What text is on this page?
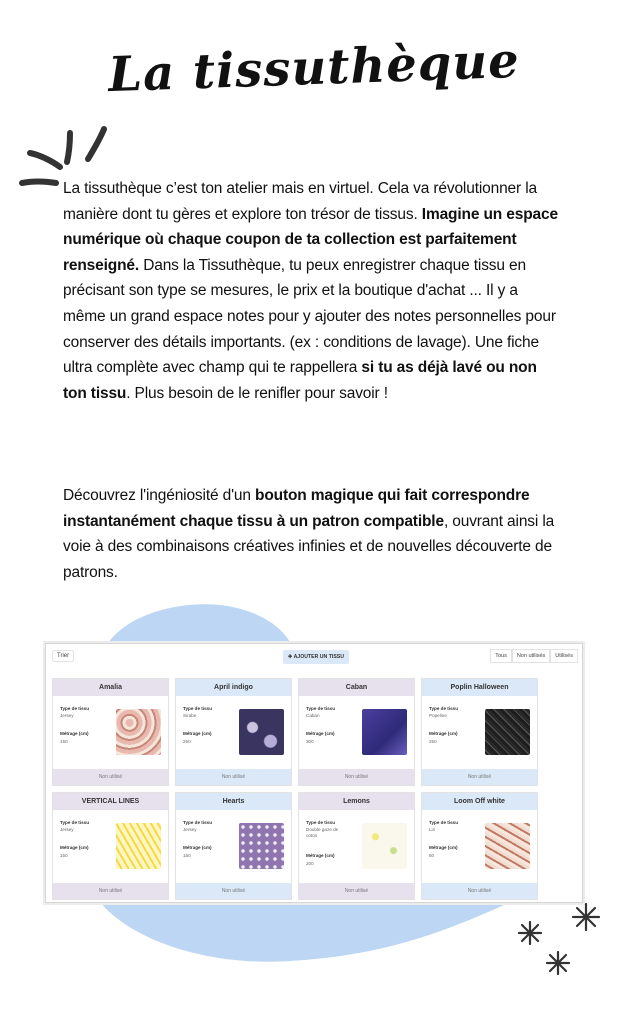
La tissuthèque
La tissuthèque c’est ton atelier mais en virtuel. Cela va révolutionner la manière dont tu gères et explore ton trésor de tissus. Imagine un espace numérique où chaque coupon de ta collection est parfaitement renseigné. Dans la Tissuthèque, tu peux enregistrer chaque tissu en précisant son type se mesures, le prix et la boutique d'achat ... Il y a même un grand espace notes pour y ajouter des notes personnelles pour conserver des détails importants. (ex : conditions de lavage). Une fiche ultra complète avec champ qui te rappellera si tu as déjà lavé ou non ton tissu. Plus besoin de le renifler pour savoir !
Découvrez l'ingéniosité d'un bouton magique qui fait correspondre instantanément chaque tissu à un patron compatible, ouvrant ainsi la voie à des combinaisons créatives infinies et de nouvelles découverte de patrons.
Trier	✚ AJOUTER UN TISSU	Tous	Non utilisés	Utilisés
Amalia
Type de tissu
Jersey
Métrage (cm)
150
Non utilisé
April indigo
Type de tissu
Sirabe
Métrage (cm)
250
Non utilisé
Caban
Type de tissu
Caban
Métrage (cm)
300
Non utilisé
Poplin Halloween
Type de tissu
Popeline
Métrage (cm)
250
Non utilisé
VERTICAL LINES
Type de tissu
Jersey
Métrage (cm)
150
Non utilisé
Hearts
Type de tissu
Jersey
Métrage (cm)
150
Non utilisé
Lemons
Type de tissu
Double gaze de coton
Métrage (cm)
200
Non utilisé
Loom Off white
Type de tissu
Lin
Métrage (cm)
60
Non utilisé
